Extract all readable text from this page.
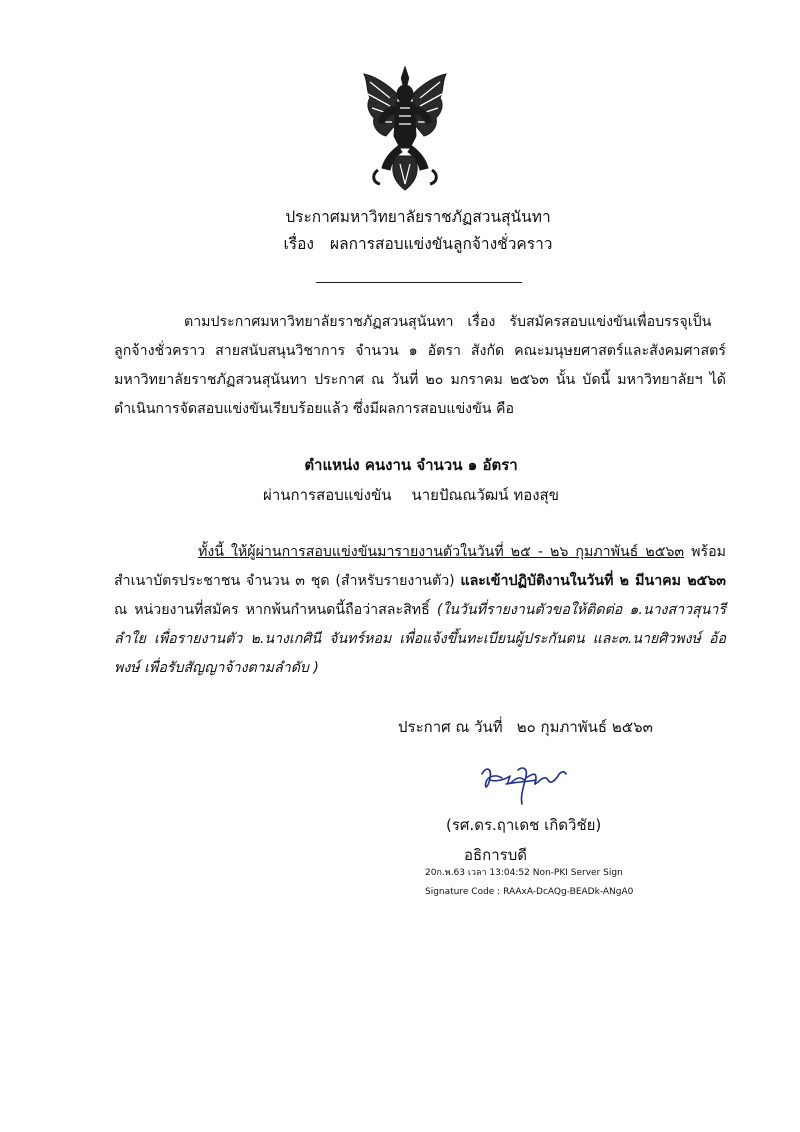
ประกาศมหาวิทยาลัยราชภัฏสวนสุนันทา
เรื่อง ผลการสอบแข่งขันลูกจ้างชั่วคราว
ตามประกาศมหาวิทยาลัยราชภัฏสวนสุนันทา เรื่อง รับสมัครสอบแข่งขันเพื่อบรรจุเป็นลูกจ้างชั่วคราว สายสนับสนุนวิชาการ จำนวน ๑ อัตรา สังกัด คณะมนุษยศาสตร์และสังคมศาสตร์ มหาวิทยาลัยราชภัฏสวนสุนันทา ประกาศ ณ วันที่ ๒๐ มกราคม ๒๕๖๓ นั้น บัดนี้ มหาวิทยาลัยฯ ได้ดำเนินการจัดสอบแข่งขันเรียบร้อยแล้ว ซึ่งมีผลการสอบแข่งขัน คือ
ตำแหน่ง คนงาน จำนวน ๑ อัตรา
ผ่านการสอบแข่งขัน นายปัณณวัฒน์ ทองสุข
ทั้งนี้ ให้ผู้ผ่านการสอบแข่งขันมารายงานตัวในวันที่ ๒๕ - ๒๖ กุมภาพันธ์ ๒๕๖๓ พร้อมสำเนาบัตรประชาชน จำนวน ๓ ชุด (สำหรับรายงานตัว) และเข้าปฏิบัติงานในวันที่ ๒ มีนาคม ๒๕๖๓ ณ หน่วยงานที่สมัคร หากพ้นกำหนดนี้ถือว่าสละสิทธิ์ (ในวันที่รายงานตัวขอให้ติดต่อ ๑.นางสาวสุนารี ลำใย เพื่อรายงานตัว ๒.นางเกศินี จันทร์หอม เพื่อแจ้งขึ้นทะเบียนผู้ประกันตน และ๓.นายศิวพงษ์ อ้อพงษ์ เพื่อรับสัญญาจ้างตามลำดับ )
ประกาศ ณ วันที่ ๒๐ กุมภาพันธ์ ๒๕๖๓
(รศ.ดร.ฤาเดช เกิดวิชัย)
อธิการบดี
20ก.พ.63 เวลา 13:04:52 Non-PKI Server Sign
Signature Code : RAAxA-DcAQg-BEADk-ANgA0
